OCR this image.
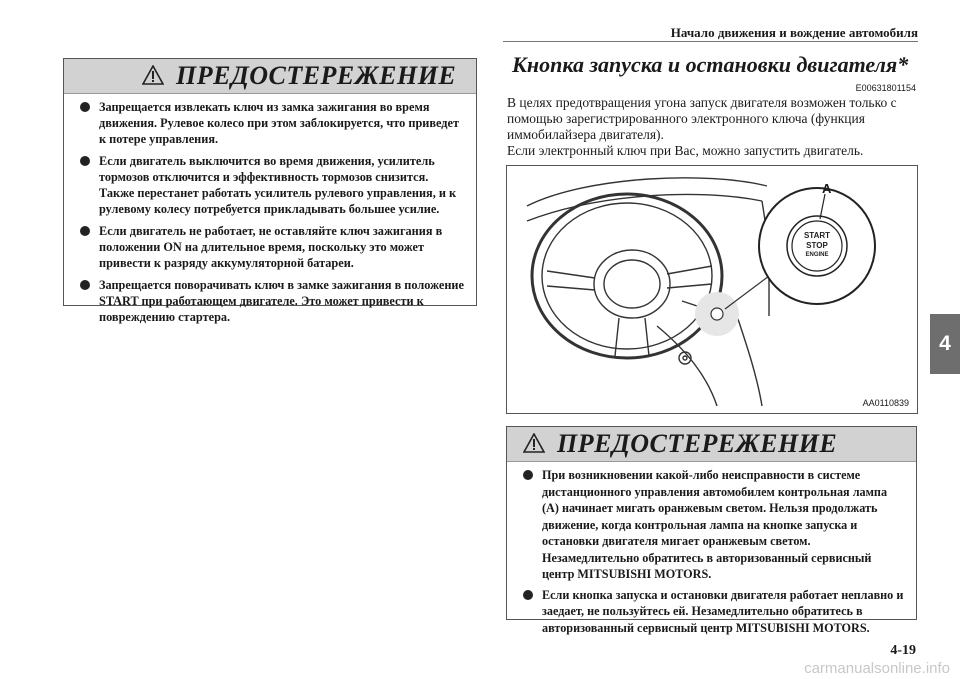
Начало движения и вождение автомобиля
4
ПРЕДОСТЕРЕЖЕНИЕ
Запрещается извлекать ключ из замка зажигания во время движения. Рулевое колесо при этом заблокируется, что приведет к потере управления.
Если двигатель выключится во время движения, усилитель тормозов отключится и эффективность тормозов снизится. Также перестанет работать усилитель рулевого управления, и к рулевому колесу потребуется прикладывать большее усилие.
Если двигатель не работает, не оставляйте ключ зажигания в положении ON на длительное время, поскольку это может привести к разряду аккумуляторной батареи.
Запрещается поворачивать ключ в замке зажигания в положение START при работающем двигателе. Это может привести к повреждению стартера.
Кнопка запуска и остановки двигателя*
E00631801154

В целях предотвращения угона запуск двигателя возможен только с помощью зарегистрированного электронного ключа (функция иммобилайзера двигателя).

Если электронный ключ при Вас, можно запустить двигатель.

A
START
STOP
ENGINE
AA0110839
ПРЕДОСТЕРЕЖЕНИЕ
При возникновении какой-либо неисправности в системе дистанционного управления автомобилем контрольная лампа (A) начинает мигать оранжевым светом. Нельзя продолжать движение, когда контрольная лампа на кнопке запуска и остановки двигателя мигает оранжевым светом. Незамедлительно обратитесь в авторизованный сервисный центр MITSUBISHI MOTORS.
Если кнопка запуска и остановки двигателя работает неплавно и заедает, не пользуйтесь ей. Незамедлительно обратитесь в авторизованный сервисный центр MITSUBISHI MOTORS.
4-19
carmanualsonline.info
